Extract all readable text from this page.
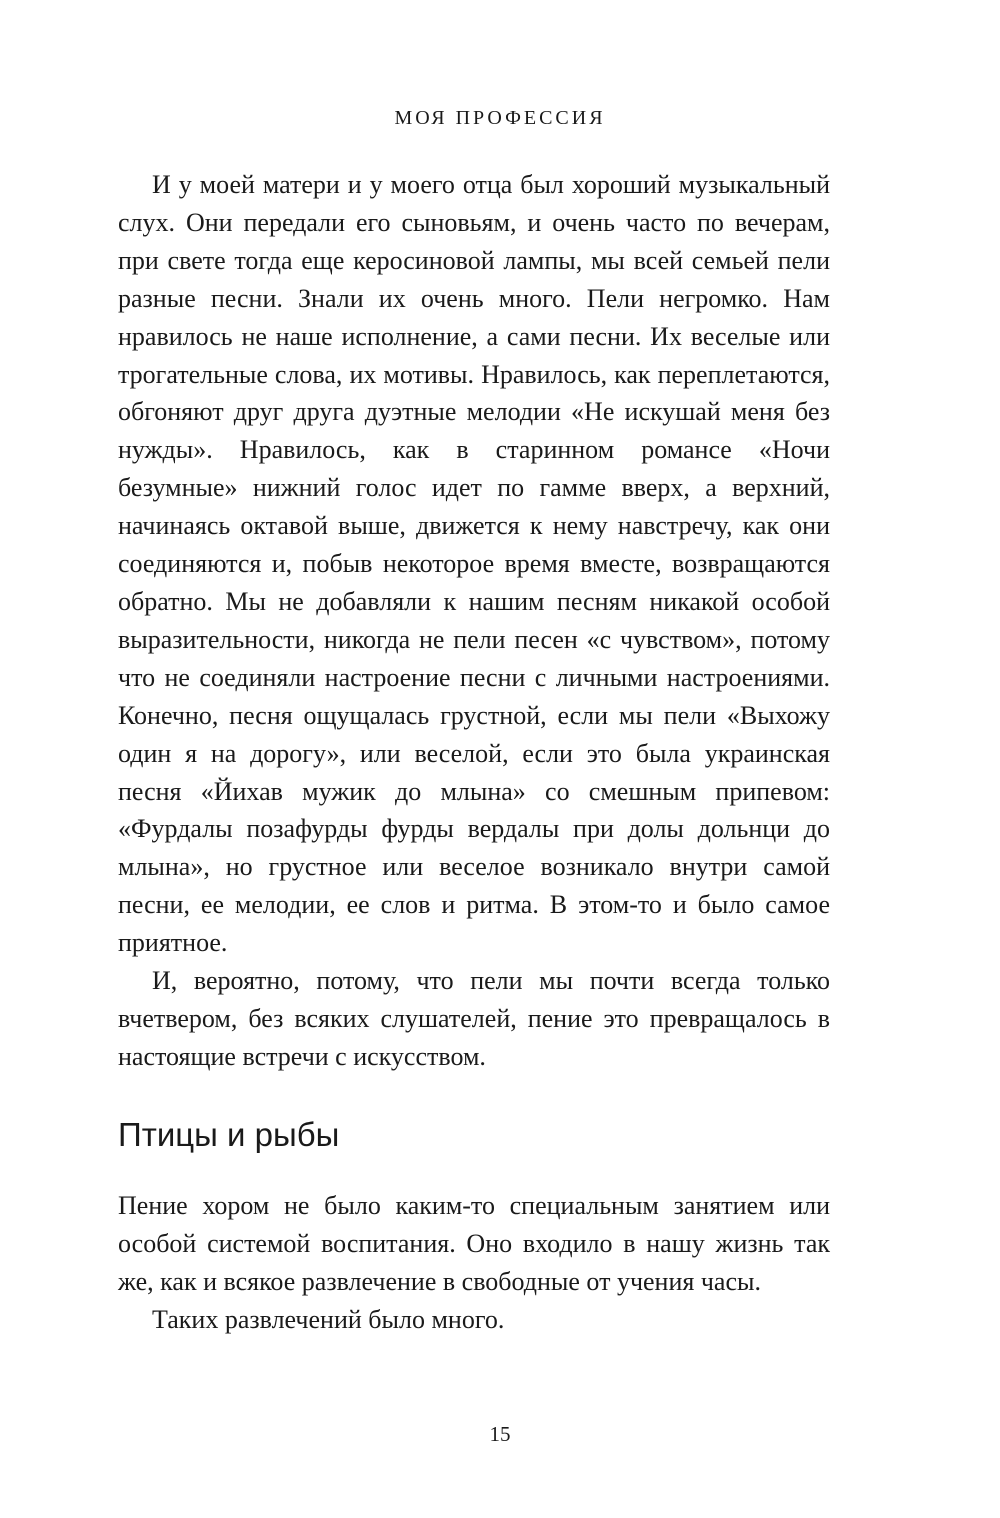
МОЯ ПРОФЕССИЯ

И у моей матери и у моего отца был хороший музыкальный слух. Они передали его сыновьям, и очень часто по вечерам, при свете тогда еще керосиновой лампы, мы всей семьей пели разные песни. Знали их очень много. Пели негромко. Нам нравилось не наше исполнение, а сами песни. Их веселые или трогательные слова, их мотивы. Нравилось, как переплетаются, обгоняют друг друга дуэтные мелодии «Не искушай меня без нужды». Нравилось, как в старинном романсе «Ночи безумные» нижний голос идет по гамме вверх, а верхний, начинаясь октавой выше, движется к нему навстречу, как они соединяются и, побыв некоторое время вместе, возвращаются обратно. Мы не добавляли к нашим песням никакой особой выразительности, никогда не пели песен «с чувством», потому что не соединяли настроение песни с личными настроениями. Конечно, песня ощущалась грустной, если мы пели «Выхожу один я на дорогу», или веселой, если это была украинская песня «Йихав мужик до млына» со смешным припевом: «Фурдалы позафурды фурды вердалы при долы дольнци до млына», но грустное или веселое возникало внутри самой песни, ее мелодии, ее слов и ритма. В этом-то и было самое приятное.

И, вероятно, потому, что пели мы почти всегда только вчетвером, без всяких слушателей, пение это превращалось в настоящие встречи с искусством.

Птицы и рыбы

Пение хором не было каким-то специальным занятием или особой системой воспитания. Оно входило в нашу жизнь так же, как и всякое развлечение в свободные от учения часы.

Таких развлечений было много.

15
